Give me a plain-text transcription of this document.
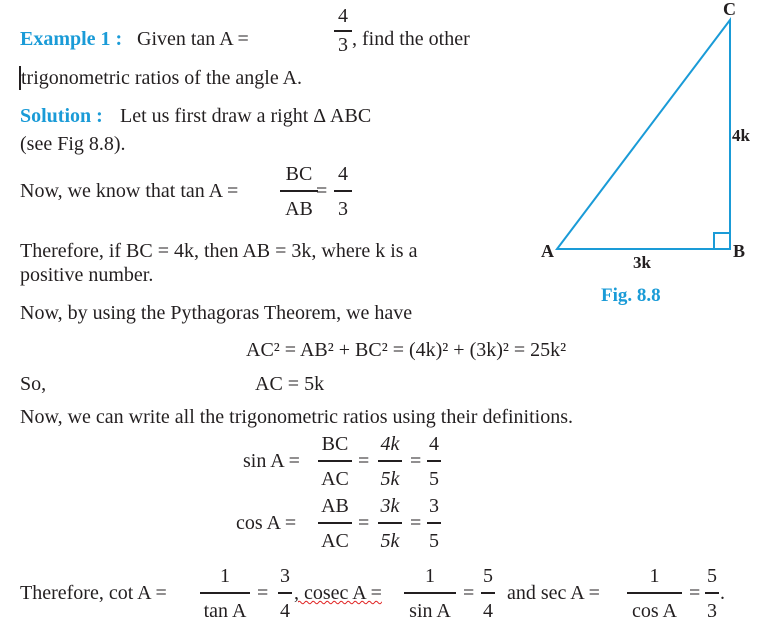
Example 1 : Given tan A =
4
3 , find the other
trigonometric ratios of the angle A.
Solution : Let us first draw a right Δ ABC
(see Fig 8.8).
Now, we know that tan A =
BC
AB
=
4
3
Therefore, if BC = 4k, then AB = 3k, where k is a
positive number.
Now, by using the Pythagoras Theorem, we have
AC² = AB² + BC² = (4k)² + (3k)² = 25k²
So,	AC = 5k
Now, we can write all the trigonometric ratios using their definitions.
sin A =
BC
AC
=
4k
5k
=
4
5
cos A =
AB
AC
=
3k
5k
=
3
5
Therefore, cot A =
1
tan A
=
3
4
, cosec A =
1
sin A
=
5
4
and sec A =
1
cos A
=
5
3
.
C
A	B
4k
3k
Fig. 8.8
